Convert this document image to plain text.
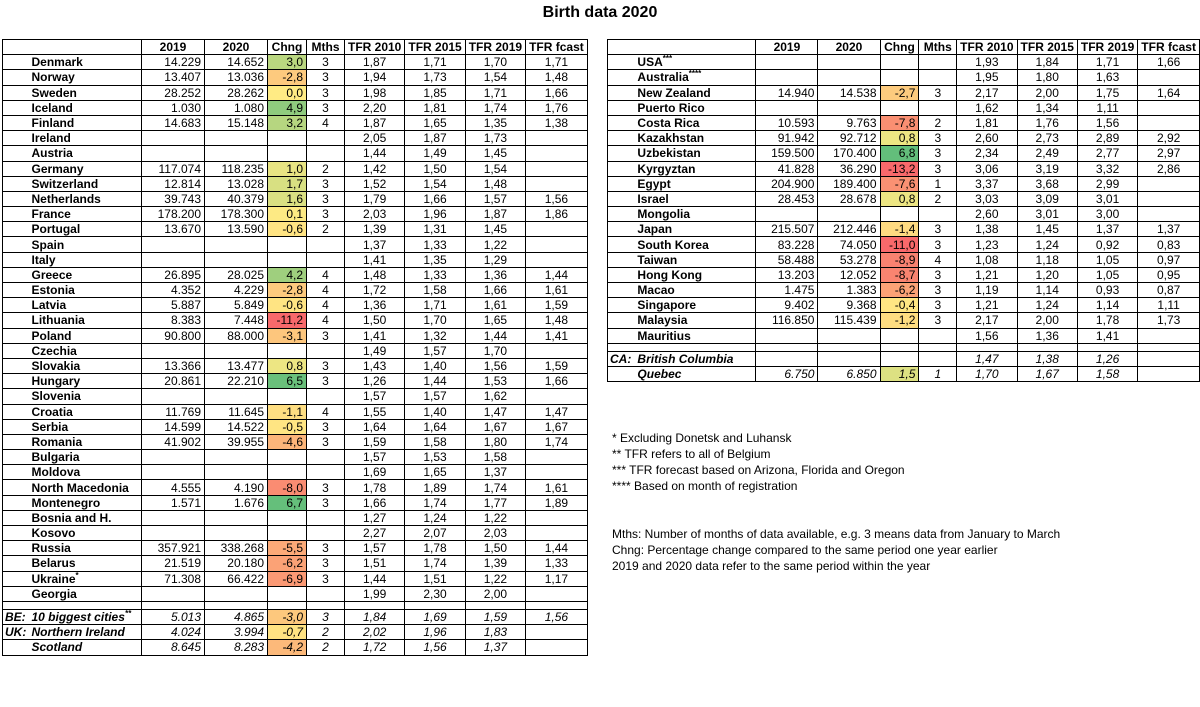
Birth data 2020
		2019	2020	Chng	Mths	TFR 2010	TFR 2015	TFR 2019	TFR fcast
	Denmark	14.229	14.652	3,0	3	1,87	1,71	1,70	1,71
	Norway	13.407	13.036	-2,8	3	1,94	1,73	1,54	1,48
	Sweden	28.252	28.262	0,0	3	1,98	1,85	1,71	1,66
	Iceland	1.030	1.080	4,9	3	2,20	1,81	1,74	1,76
	Finland	14.683	15.148	3,2	4	1,87	1,65	1,35	1,38
	Ireland					2,05	1,87	1,73	
	Austria					1,44	1,49	1,45	
	Germany	117.074	118.235	1,0	2	1,42	1,50	1,54	
	Switzerland	12.814	13.028	1,7	3	1,52	1,54	1,48	
	Netherlands	39.743	40.379	1,6	3	1,79	1,66	1,57	1,56
	France	178.200	178.300	0,1	3	2,03	1,96	1,87	1,86
	Portugal	13.670	13.590	-0,6	2	1,39	1,31	1,45	
	Spain					1,37	1,33	1,22	
	Italy					1,41	1,35	1,29	
	Greece	26.895	28.025	4,2	4	1,48	1,33	1,36	1,44
	Estonia	4.352	4.229	-2,8	4	1,72	1,58	1,66	1,61
	Latvia	5.887	5.849	-0,6	4	1,36	1,71	1,61	1,59
	Lithuania	8.383	7.448	-11,2	4	1,50	1,70	1,65	1,48
	Poland	90.800	88.000	-3,1	3	1,41	1,32	1,44	1,41
	Czechia					1,49	1,57	1,70	
	Slovakia	13.366	13.477	0,8	3	1,43	1,40	1,56	1,59
	Hungary	20.861	22.210	6,5	3	1,26	1,44	1,53	1,66
	Slovenia					1,57	1,57	1,62	
	Croatia	11.769	11.645	-1,1	4	1,55	1,40	1,47	1,47
	Serbia	14.599	14.522	-0,5	3	1,64	1,64	1,67	1,67
	Romania	41.902	39.955	-4,6	3	1,59	1,58	1,80	1,74
	Bulgaria					1,57	1,53	1,58	
	Moldova					1,69	1,65	1,37	
	North Macedonia	4.555	4.190	-8,0	3	1,78	1,89	1,74	1,61
	Montenegro	1.571	1.676	6,7	3	1,66	1,74	1,77	1,89
	Bosnia and H.					1,27	1,24	1,22	
	Kosovo					2,27	2,07	2,03	
	Russia	357.921	338.268	-5,5	3	1,57	1,78	1,50	1,44
	Belarus	21.519	20.180	-6,2	3	1,51	1,74	1,39	1,33
	Ukraine*	71.308	66.422	-6,9	3	1,44	1,51	1,22	1,17
	Georgia					1,99	2,30	2,00	

BE:	10 biggest cities**	5.013	4.865	-3,0	3	1,84	1,69	1,59	1,56
UK:	Northern Ireland	4.024	3.994	-0,7	2	2,02	1,96	1,83	
	Scotland	8.645	8.283	-4,2	2	1,72	1,56	1,37	
		2019	2020	Chng	Mths	TFR 2010	TFR 2015	TFR 2019	TFR fcast
	USA***					1,93	1,84	1,71	1,66
	Australia****					1,95	1,80	1,63	
	New Zealand	14.940	14.538	-2,7	3	2,17	2,00	1,75	1,64
	Puerto Rico					1,62	1,34	1,11	
	Costa Rica	10.593	9.763	-7,8	2	1,81	1,76	1,56	
	Kazakhstan	91.942	92.712	0,8	3	2,60	2,73	2,89	2,92
	Uzbekistan	159.500	170.400	6,8	3	2,34	2,49	2,77	2,97
	Kyrgyztan	41.828	36.290	-13,2	3	3,06	3,19	3,32	2,86
	Egypt	204.900	189.400	-7,6	1	3,37	3,68	2,99	
	Israel	28.453	28.678	0,8	2	3,03	3,09	3,01	
	Mongolia					2,60	3,01	3,00	
	Japan	215.507	212.446	-1,4	3	1,38	1,45	1,37	1,37
	South Korea	83.228	74.050	-11,0	3	1,23	1,24	0,92	0,83
	Taiwan	58.488	53.278	-8,9	4	1,08	1,18	1,05	0,97
	Hong Kong	13.203	12.052	-8,7	3	1,21	1,20	1,05	0,95
	Macao	1.475	1.383	-6,2	3	1,19	1,14	0,93	0,87
	Singapore	9.402	9.368	-0,4	3	1,21	1,24	1,14	1,11
	Malaysia	116.850	115.439	-1,2	3	2,17	2,00	1,78	1,73
	Mauritius					1,56	1,36	1,41	

CA:	British Columbia					1,47	1,38	1,26	
	Quebec	6.750	6.850	1,5	1	1,70	1,67	1,58	
* Excluding Donetsk and Luhansk
** TFR refers to all of Belgium
*** TFR forecast based on Arizona, Florida and Oregon
**** Based on month of registration
Mths: Number of months of data available, e.g. 3 means data from January to March
Chng: Percentage change compared to the same period one year earlier
2019 and 2020 data refer to the same period within the year
